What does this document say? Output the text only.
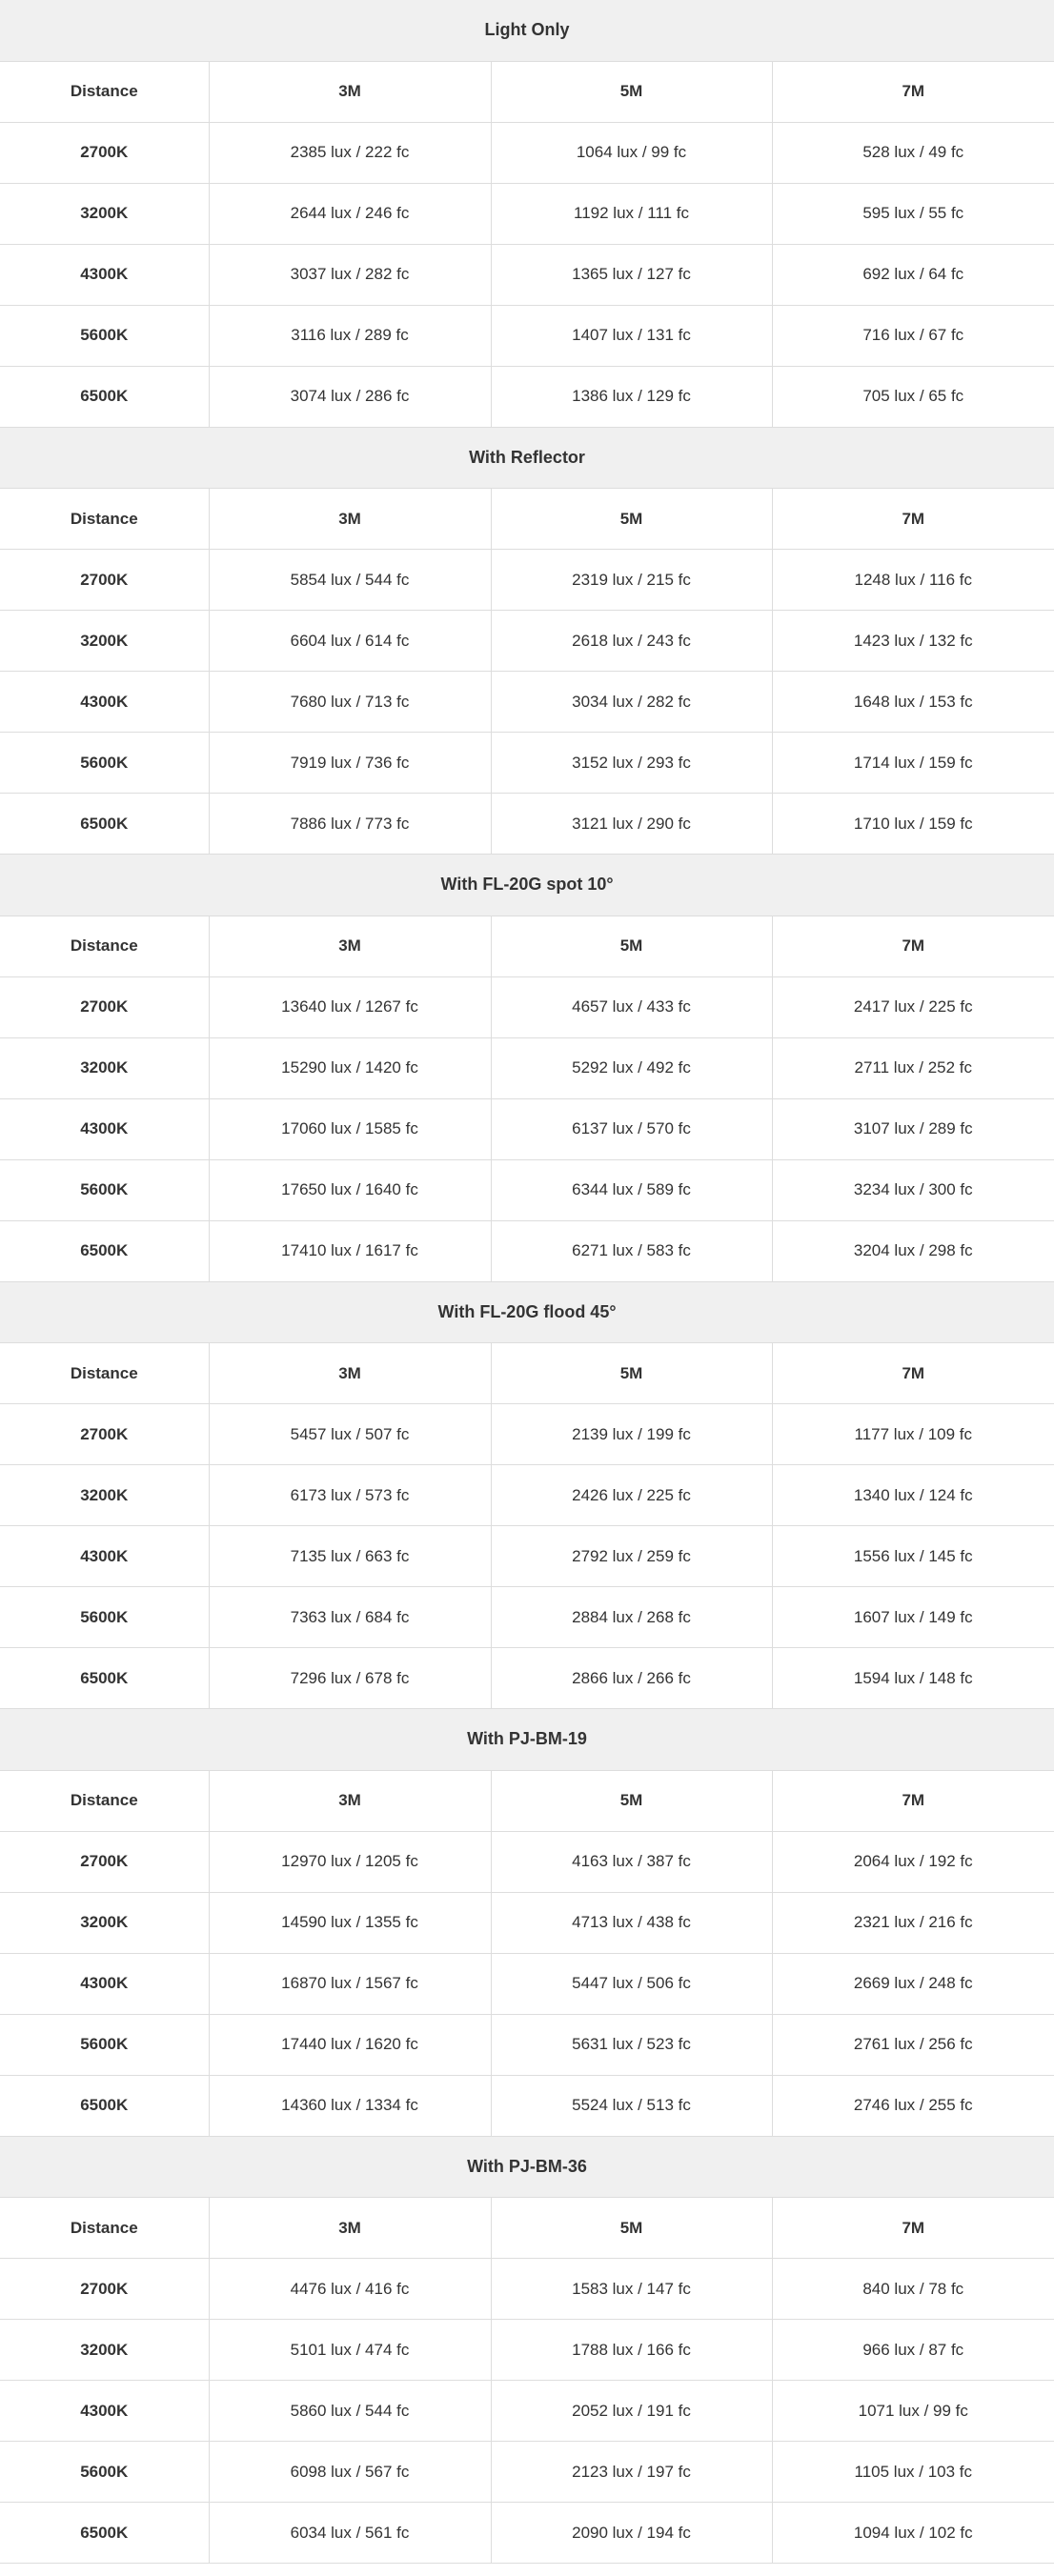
Light Only			
Distance	3M	5M	7M
2700K	2385 lux / 222 fc	1064 lux / 99 fc	528 lux / 49 fc
3200K	2644 lux / 246 fc	1192 lux / 111 fc	595 lux / 55 fc
4300K	3037 lux / 282 fc	1365 lux / 127 fc	692 lux / 64 fc
5600K	3116 lux / 289 fc	1407 lux / 131 fc	716 lux / 67 fc
6500K	3074 lux / 286 fc	1386 lux / 129 fc	705 lux / 65 fc
With Reflector			
Distance	3M	5M	7M
2700K	5854 lux / 544 fc	2319 lux / 215 fc	1248 lux / 116 fc
3200K	6604 lux / 614 fc	2618 lux / 243 fc	1423 lux / 132 fc
4300K	7680 lux / 713 fc	3034 lux / 282 fc	1648 lux / 153 fc
5600K	7919 lux / 736 fc	3152 lux / 293 fc	1714 lux / 159 fc
6500K	7886 lux / 773 fc	3121 lux / 290 fc	1710 lux / 159 fc
With FL-20G spot 10°			
Distance	3M	5M	7M
2700K	13640 lux / 1267 fc	4657 lux / 433 fc	2417 lux / 225 fc
3200K	15290 lux / 1420 fc	5292 lux / 492 fc	2711 lux / 252 fc
4300K	17060 lux / 1585 fc	6137 lux / 570 fc	3107 lux / 289 fc
5600K	17650 lux / 1640 fc	6344 lux / 589 fc	3234 lux / 300 fc
6500K	17410 lux / 1617 fc	6271 lux / 583 fc	3204 lux / 298 fc
With FL-20G flood 45°			
Distance	3M	5M	7M
2700K	5457 lux / 507 fc	2139 lux / 199 fc	1177 lux / 109 fc
3200K	6173 lux / 573 fc	2426 lux / 225 fc	1340 lux / 124 fc
4300K	7135 lux / 663 fc	2792 lux / 259 fc	1556 lux / 145 fc
5600K	7363 lux / 684 fc	2884 lux / 268 fc	1607 lux / 149 fc
6500K	7296 lux / 678 fc	2866 lux / 266 fc	1594 lux / 148 fc
With PJ-BM-19			
Distance	3M	5M	7M
2700K	12970 lux / 1205 fc	4163 lux / 387 fc	2064 lux / 192 fc
3200K	14590 lux / 1355 fc	4713 lux / 438 fc	2321 lux / 216 fc
4300K	16870 lux / 1567 fc	5447 lux / 506 fc	2669 lux / 248 fc
5600K	17440 lux / 1620 fc	5631 lux / 523 fc	2761 lux / 256 fc
6500K	14360 lux / 1334 fc	5524 lux / 513 fc	2746 lux / 255 fc
With PJ-BM-36			
Distance	3M	5M	7M
2700K	4476 lux / 416 fc	1583 lux / 147 fc	840 lux / 78 fc
3200K	5101 lux / 474 fc	1788 lux / 166 fc	966 lux / 87 fc
4300K	5860 lux / 544 fc	2052 lux / 191 fc	1071 lux / 99 fc
5600K	6098 lux / 567 fc	2123 lux / 197 fc	1105 lux / 103 fc
6500K	6034 lux / 561 fc	2090 lux / 194 fc	1094 lux / 102 fc
